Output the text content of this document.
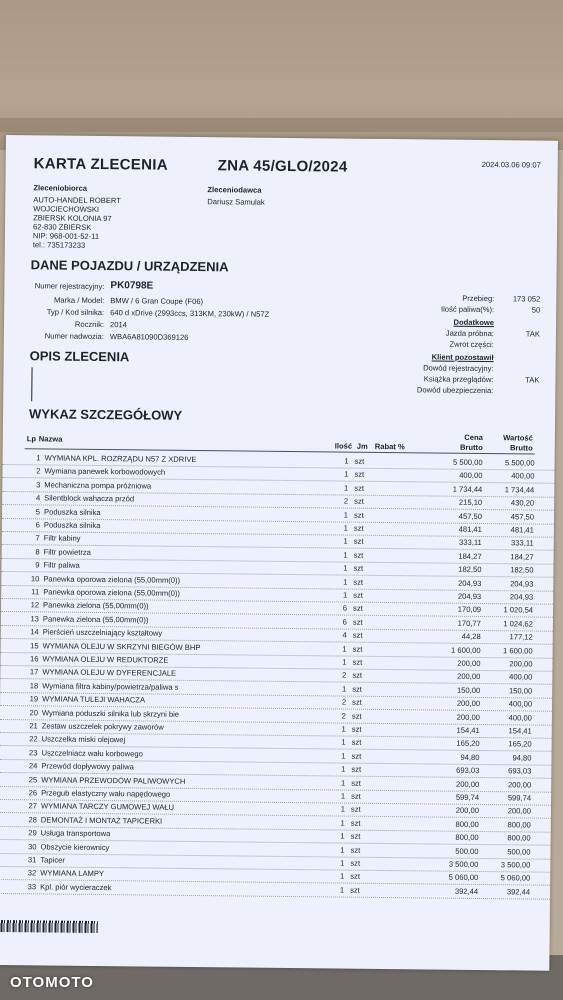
KARTA ZLECENIA	ZNA 45/GLO/2024	2024.03.06 09:07
Zleceniobiorca
AUTO-HANDEL ROBERT
WOJCIECHOWSKI
ZBIERSK KOLONIA 97
62-830 ZBIERSK
NIP: 968-001-52-11
tel.: 735173233
Zleceniodawca
Dariusz Samulak
DANE POJAZDU / URZĄDZENIA
Numer rejestracyjny: PK0798E
Marka / Model: BMW / 6 Gran Coupe (F06)
Typ / Kod silnika: 640 d xDrive (2993ccs, 313KM, 230kW) / N57Z
Rocznik: 2014
Numer nadwozia: WBA6A81090D369126
Przebieg:	173 052
Ilość paliwa(%):	50
Dodatkowe
Jazda próbna:	TAK
Zwrot części:
Klient pozostawił
Dowód rejestracyjny:
Książka przeglądów:	TAK
Dowód ubezpieczenia:
OPIS ZLECENIA
WYKAZ SZCZEGÓŁOWY
Lp Nazwa
Ilość Jm Rabat %
Cena
Brutto
Wartość
Brutto
1 WYMIANA KPL. ROZRZĄDU N57 Z XDRIVE	1 szt	5 500,00	5 500,00
2 Wymiana panewek korbowodowych	1 szt	400,00	400,00
3 Mechaniczna pompa próżniowa	1 szt	1 734,44	1 734,44
4 Silentblock wahacza przód	2 szt	215,10	430,20
5 Poduszka silnika	1 szt	457,50	457,50
6 Poduszka silnika	1 szt	481,41	481,41
7 Filtr kabiny	1 szt	333,11	333,11
8 Filtr powietrza	1 szt	184,27	184,27
9 Filtr paliwa	1 szt	182,50	182,50
10 Panewka oporowa zielona (55,00mm(0))	1 szt	204,93	204,93
11 Panewka oporowa zielona (55,00mm(0))	1 szt	204,93	204,93
12 Panewka zielona (55,00mm(0))	6 szt	170,09	1 020,54
13 Panewka zielona (55,00mm(0))	6 szt	170,77	1 024,62
14 Pierścień uszczelniający kształtowy	4 szt	44,28	177,12
15 WYMIANA OLEJU W SKRZYNI BIEGÓW BHP	1 szt	1 600,00	1 600,00
16 WYMIANA OLEJU W REDUKTORZE	1 szt	200,00	200,00
17 WYMIANA OLEJU W DYFERENCJALE	2 szt	200,00	400,00
18 Wymiana filtra kabiny/powietrza/paliwa s	1 szt	150,00	150,00
19 WYMIANA TULEJI WAHACZA	2 szt	200,00	400,00
20 Wymiana poduszki silnika lub skrzyni bie	2 szt	200,00	400,00
21 Zestaw uszczelek pokrywy zaworów	1 szt	154,41	154,41
22 Uszczelka miski olejowej	1 szt	165,20	165,20
23 Uszczelniacz wału korbowego	1 szt	94,80	94,80
24 Przewód dopływowy paliwa	1 szt	693,03	693,03
25 WYMIANA PRZEWODÓW PALIWOWYCH	1 szt	200,00	200,00
26 Przegub elastyczny wału napędowego	1 szt	599,74	599,74
27 WYMIANA TARCZY GUMOWEJ WAŁU	1 szt	200,00	200,00
28 DEMONTAŻ I MONTAŻ TAPICERKI	1 szt	800,00	800,00
29 Usługa transportowa	1 szt	800,00	800,00
30 Obszycie kierownicy	1 szt	500,00	500,00
31 Tapicer	1 szt	3 500,00	3 500,00
32 WYMIANA LAMPY	1 szt	5 060,00	5 060,00
33 Kpl. piór wycieraczek	1 szt	392,44	392,44
OTOMOTO
